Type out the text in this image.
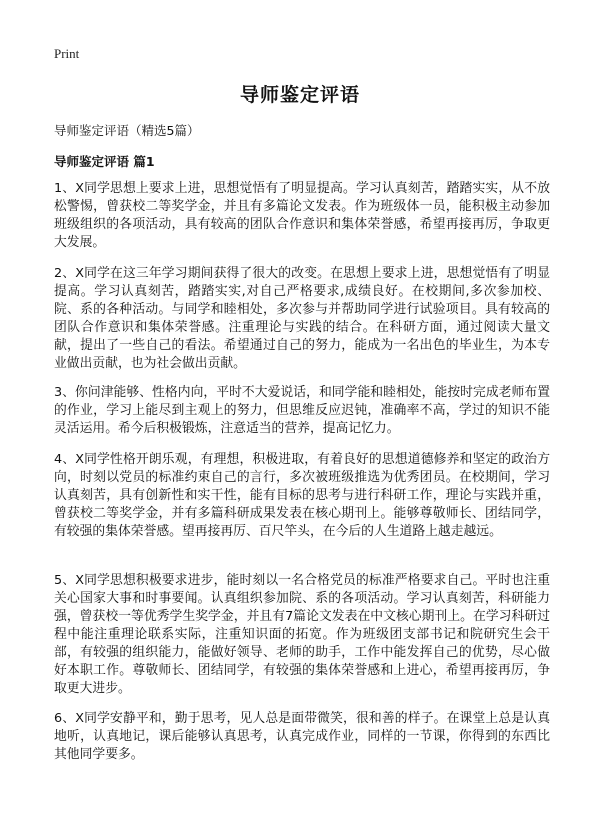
Print
导师鉴定评语
导师鉴定评语（精选5篇）
导师鉴定评语 篇1

1、X同学思想上要求上进，思想觉悟有了明显提高。学习认真刻苦，踏踏实实，从不放松警惕，曾获校二等奖学金，并且有多篇论文发表。作为班级体一员，能积极主动参加班级组织的各项活动，具有较高的团队合作意识和集体荣誉感，希望再接再厉，争取更大发展。

2、X同学在这三年学习期间获得了很大的改变。在思想上要求上进，思想觉悟有了明显提高。学习认真刻苦，踏踏实实,对自己严格要求,成绩良好。在校期间,多次参加校、院、系的各种活动。与同学和睦相处，多次参与并帮助同学进行试验项目。具有较高的团队合作意识和集体荣誉感。注重理论与实践的结合。在科研方面，通过阅读大量文献，提出了一些自己的看法。希望通过自己的努力，能成为一名出色的毕业生，为本专业做出贡献，也为社会做出贡献。

3、你问津能够、性格内向，平时不大爱说话，和同学能和睦相处，能按时完成老师布置的作业，学习上能尽到主观上的努力，但思维反应迟钝，准确率不高，学过的知识不能灵活运用。希今后积极锻炼，注意适当的营养，提高记忆力。

4、X同学性格开朗乐观，有理想，积极进取，有着良好的思想道德修养和坚定的政治方向，时刻以党员的标准约束自己的言行，多次被班级推选为优秀团员。在校期间，学习认真刻苦，具有创新性和实干性，能有目标的思考与进行科研工作，理论与实践并重，曾获校二等奖学金，并有多篇科研成果发表在核心期刊上。能够尊敬师长、团结同学，有较强的集体荣誉感。望再接再厉、百尺竿头，在今后的人生道路上越走越远。

5、X同学思想积极要求进步，能时刻以一名合格党员的标准严格要求自己。平时也注重关心国家大事和时事要闻。认真组织参加院、系的各项活动。学习认真刻苦，科研能力强，曾获校一等优秀学生奖学金，并且有7篇论文发表在中文核心期刊上。在学习科研过程中能注重理论联系实际，注重知识面的拓宽。作为班级团支部书记和院研究生会干部，有较强的组织能力，能做好领导、老师的助手，工作中能发挥自己的优势，尽心做好本职工作。尊敬师长、团结同学，有较强的集体荣誉感和上进心，希望再接再厉，争取更大进步。

6、X同学安静平和，勤于思考，见人总是面带微笑，很和善的样子。在课堂上总是认真地听，认真地记，课后能够认真思考，认真完成作业，同样的一节课，你得到的东西比其他同学要多。
